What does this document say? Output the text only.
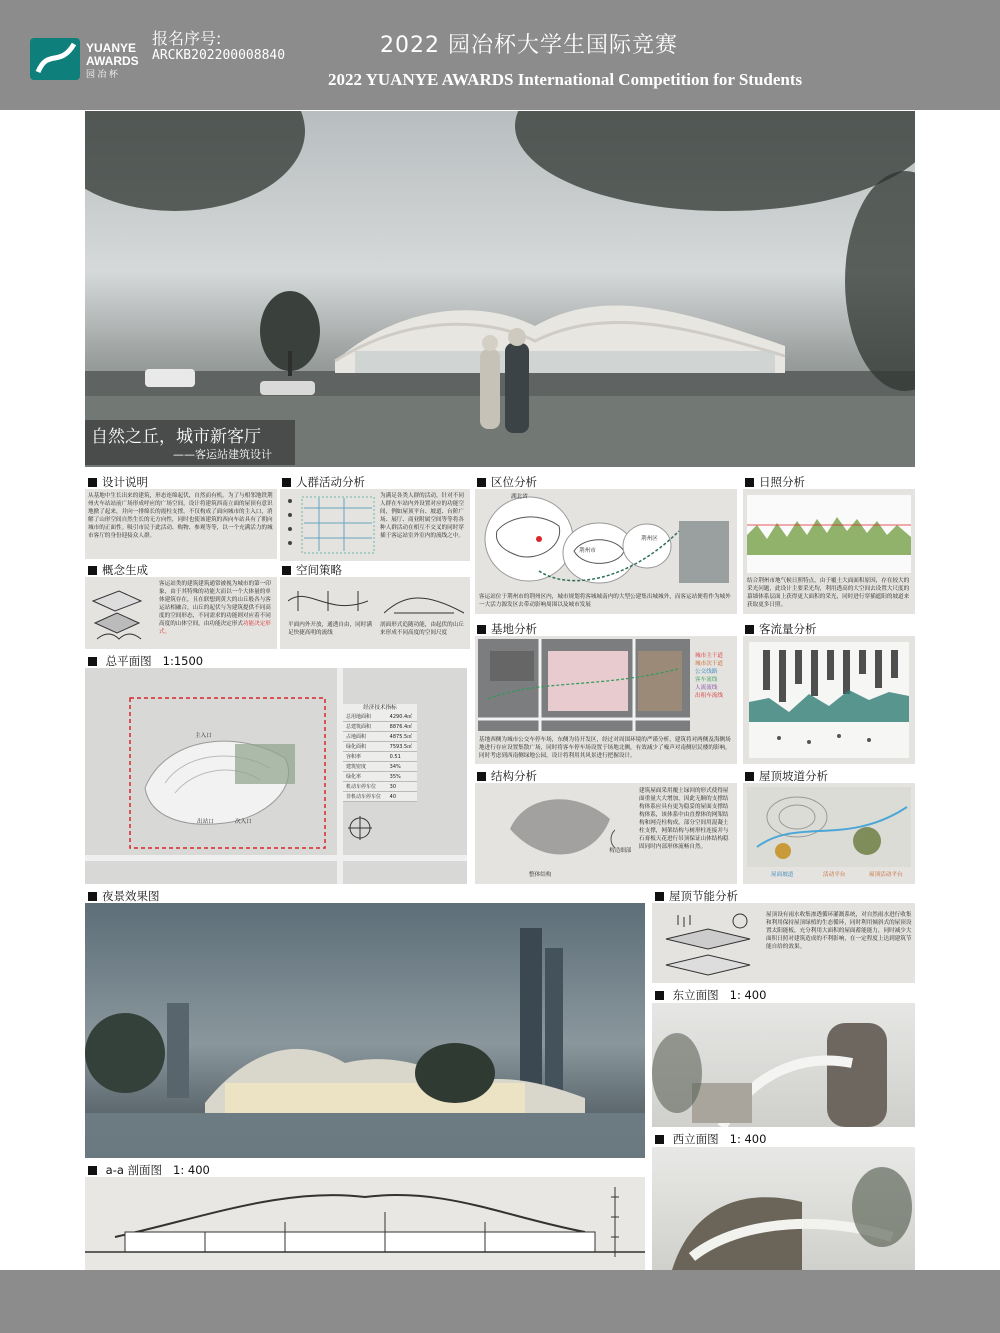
YUANYE
AWARDS
园 冶 杯
报名序号:
ARCKB202200008840	2022 园冶杯大学生国际竞赛
2022 YUANYE AWARDS International Competition for Students
自然之丘，城市新客厅
——客运站建筑设计
设计说明
从基地中生长出来的建筑，形态连绵起伏，自然而有机。为了与相邻地铁荆州火车站站前广场形成呼应的广场空间，设计将建筑西南立面的屋顶有意识地掀了起来，并向一排绵长的霞柱支撑。不仅构成了面向城市的主入口，消解了山形空间自然生长的无方向性，同时也使该建筑的西向车站具有了朝向城市的正面性。吸引市民于此活动、购物、参观等等，以一个充满活力的城市客厅的身份迎接众人群。
人群活动分析
为满足各类人群的活动，针对不同人群在车站内外设置对应的功能空间，例如屋顶平台、坡道、台阶广场、展厅、商业附属空间等等将各种人群活动在相互不交叉的同时穿插于客运站室外室内的流线之中。
区位分析
湖北省
荆州市
荆州区
客运站位于荆州市的荆州区内，城市规划将客城城南内的大型公建集出城城外，而客运站便将作为城外一大活力源发区去带动影响周围以及城市发展
日照分析
结合荆州市地气候日照特点，由于覆土大面面积原因，存在较大的采光问题，此设计主要采光均，利用透高的大空间去设置大尺度的幕墙体系层面上获得更大面积的采光，同时进行穿插遮阳的坡道来获取更多日照。
概念生成
客运站类的建筑建筑通常被视为城市的第一印象，由于其特殊的功能大而以一个大体量的单体建筑存在，且在联想到黄大的山丘般各与客运站相融合，山丘的起伏与为建筑提供不同高度的空间形态，不同需求的功能则对应着不同高度的山体空间，由功能决定形式功能决定形式。
空间策略
平面内外开放，通透自由，同时满足快捷高明的流线
剖面形式追随功能，由起伏的山丘来形成不同高度的空间尺度	基地分析
城市主干道
城市次干道
公交线路
客车流线
人流流线
出租车流线
基地西侧为城市公交车停车场，东侧为待开发区，经过对周围环境的严谨分析，建筑将对两侧及海侧场地进行存应设置集散广场，同时将客车停车场设置于场地北侧，有效减少了噪声对南侧居民楼的影响，同时考虑到西南侧绿地公园，设计将利用其风景进行把握设计。
客流量分析
总平面图 1:1500
经济技术指标
总用地面积	4290.4㎡
总建筑面积	8876.4㎡
占地面积	4875.5㎡
绿化面积	7593.5㎡
容积率	0.51
建筑密度	34%
绿化率	35%
机动车停车位	30
非机动车停车位	40
主入口
次入口
出站口
结构分析
整体结构
构造细部
建筑屋面采用覆土绿回的形式使得屋面重量大大增加，因此无顺的支撑结构体系应具有更为稳妥的屋面支撑结构体系，该体系中由直撑体的网架结构和网壳柱构成，部分空间用混凝土柱支撑，网架结构与树形柱连接并与石膏板天花进行吊顶保证山体结构稳固同时内部形体流畅自然。
屋顶坡道分析
屋面坡道	活动平台	屋顶活动平台
夜景效果图	屋顶节能分析
屋顶设有雨水收集渗透循环灌溉系统，对自然雨水进行收集和利用保持屋顶绿植的生态循环，同时利用倾斜式的屋顶设置太阳能板，充分利用大面积的屋面蓄能能力，同时减少大面积日照对建筑造成的不利影响，在一定程度上达到建筑节能自给的效果。
东立面图 1: 400
西立面图 1: 400
a-a 剖面图 1: 400
